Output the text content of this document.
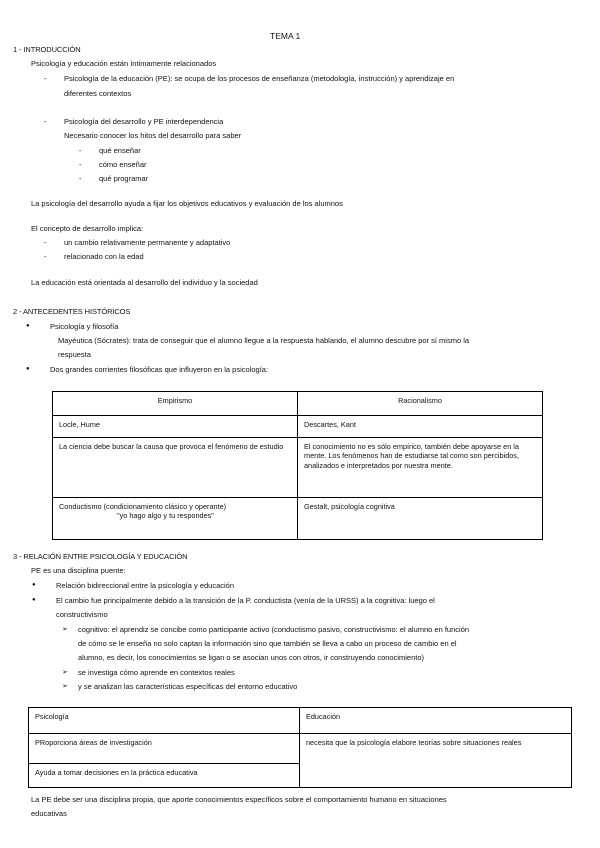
TEMA 1
1 - INTRODUCCIÓN
Psicología y educación están íntimamente relacionados
- Psicología de la educación (PE): se ocupa de los procesos de enseñanza (metodología, instrucción) y aprendizaje en
diferentes contextos
- Psicología del desarrollo y PE interdependencia
Necesario conocer los hitos del desarrollo para saber
- qué enseñar
- cómo enseñar
- qué programar
La psicología del desarrollo ayuda a fijar los objetivos educativos y evaluación de los alumnos
El concepto de desarrollo implica:
- un cambio relativamente permanente y adaptativo
- relacionado con la edad
La educación está orientada al desarrollo del individuo y la sociedad
2 - ANTECEDENTES HISTÓRICOS
● Psicología y filosofía
Mayéutica (Sócrates): trata de conseguir que el alumno llegue a la respuesta hablando, el alumno descubre por sí mismo la
respuesta
● Dos grandes corrientes filosóficas que influyeron en la psicología:
Empirismo	Racionalismo
Locle, Hume	Descartes, Kant
La ciencia debe buscar la causa que provoca el fenómeno de estudio	El conocimiento no es sólo empírico, también debe apoyarse en la mente. Los fenómenos han de estudiarse tal como son percibidos, analizados e interpretados por nuestra mente.

Conductismo (condicionamiento clásico y operante)
"yo hago algo y tu respondes"	Gestalt, psicología cognitiva
3 - RELACIÓN ENTRE PSICOLOGÍA Y EDUCACIÓN
PE es una disciplina puente:
● Relación bidireccional entre la psicología y educación
● El cambio fue principalmente debido a la transición de la P. conductista (venía de la URSS) a la cognitiva: luego el
constructivismo
➢ cognitivo: el aprendiz se concibe como participante activo (conductismo pasivo, constructivismo: el alumno en función
de cómo se le enseña no solo captan la información sino que también se lleva a cabo un proceso de cambio en el
alumno, es decir, los conocimientos se ligan o se asocian unos con otros, ir construyendo conocimiento)
➢ se investiga cómo aprende en contextos reales
➢ y se analizan las características específicas del entorno educativo
Psicología	Educación
PRoporciona áreas de investigación	necesita que la psicología elabore teorías sobre situaciones reales
Ayuda a tomar decisiones en la práctica educativa	
La PE debe ser una disciplina propia, que aporte conocimientos específicos sobre el comportamiento humano en situaciones
educativas
